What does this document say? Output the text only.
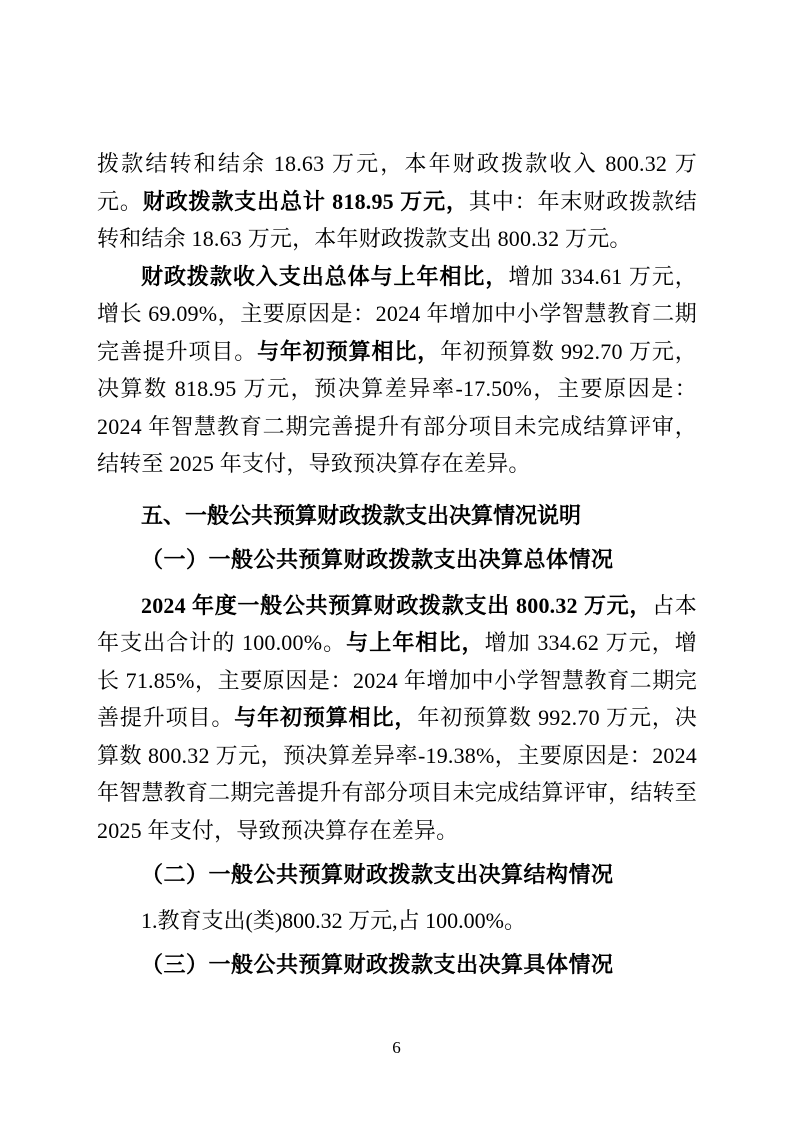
拨款结转和结余 18.63 万元，本年财政拨款收入 800.32 万元。财政拨款支出总计 818.95 万元，其中：年末财政拨款结转和结余 18.63 万元，本年财政拨款支出 800.32 万元。

财政拨款收入支出总体与上年相比，增加 334.61 万元，增长 69.09%，主要原因是：2024 年增加中小学智慧教育二期完善提升项目。与年初预算相比，年初预算数 992.70 万元，决算数 818.95 万元，预决算差异率-17.50%，主要原因是：2024 年智慧教育二期完善提升有部分项目未完成结算评审，结转至 2025 年支付，导致预决算存在差异。

五、一般公共预算财政拨款支出决算情况说明

（一）一般公共预算财政拨款支出决算总体情况

2024 年度一般公共预算财政拨款支出 800.32 万元，占本年支出合计的 100.00%。与上年相比，增加 334.62 万元，增长 71.85%，主要原因是：2024 年增加中小学智慧教育二期完善提升项目。与年初预算相比，年初预算数 992.70 万元，决算数 800.32 万元，预决算差异率-19.38%，主要原因是：2024 年智慧教育二期完善提升有部分项目未完成结算评审，结转至 2025 年支付，导致预决算存在差异。

（二）一般公共预算财政拨款支出决算结构情况

1.教育支出(类)800.32 万元,占 100.00%。

（三）一般公共预算财政拨款支出决算具体情况

6
